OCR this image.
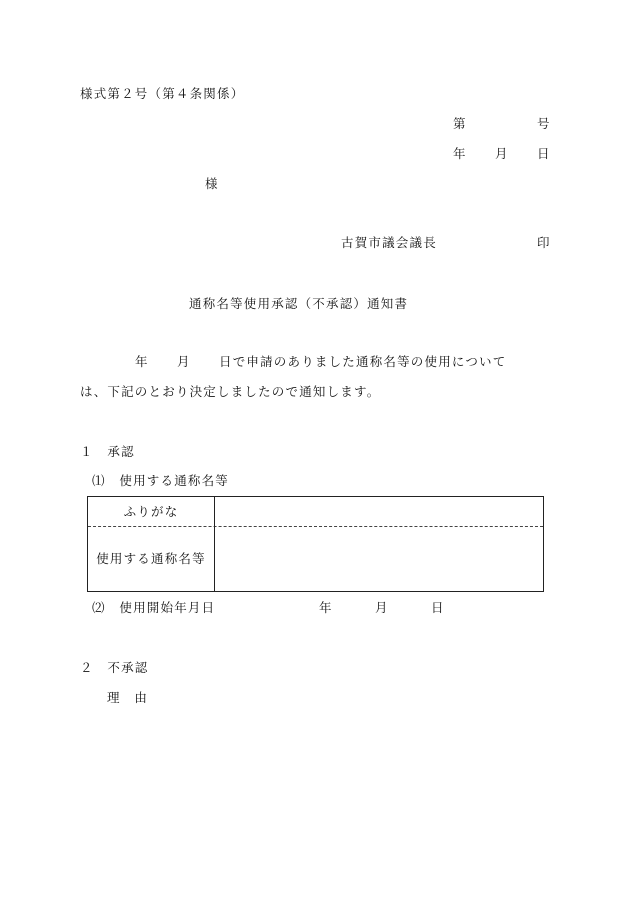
様式第２号（第４条関係）
第	号
年 月 日
様
古賀市議会議長	印
通称名等使用承認（不承認）通知書
年 月 日で申請のありました通称名等の使用について
は、下記のとおり決定しましたので通知します。
１　承認
⑴　使用する通称名等
ふりがな
使用する通称名等
⑵　使用開始年月日	年	月	日
２　不承認
理　由
